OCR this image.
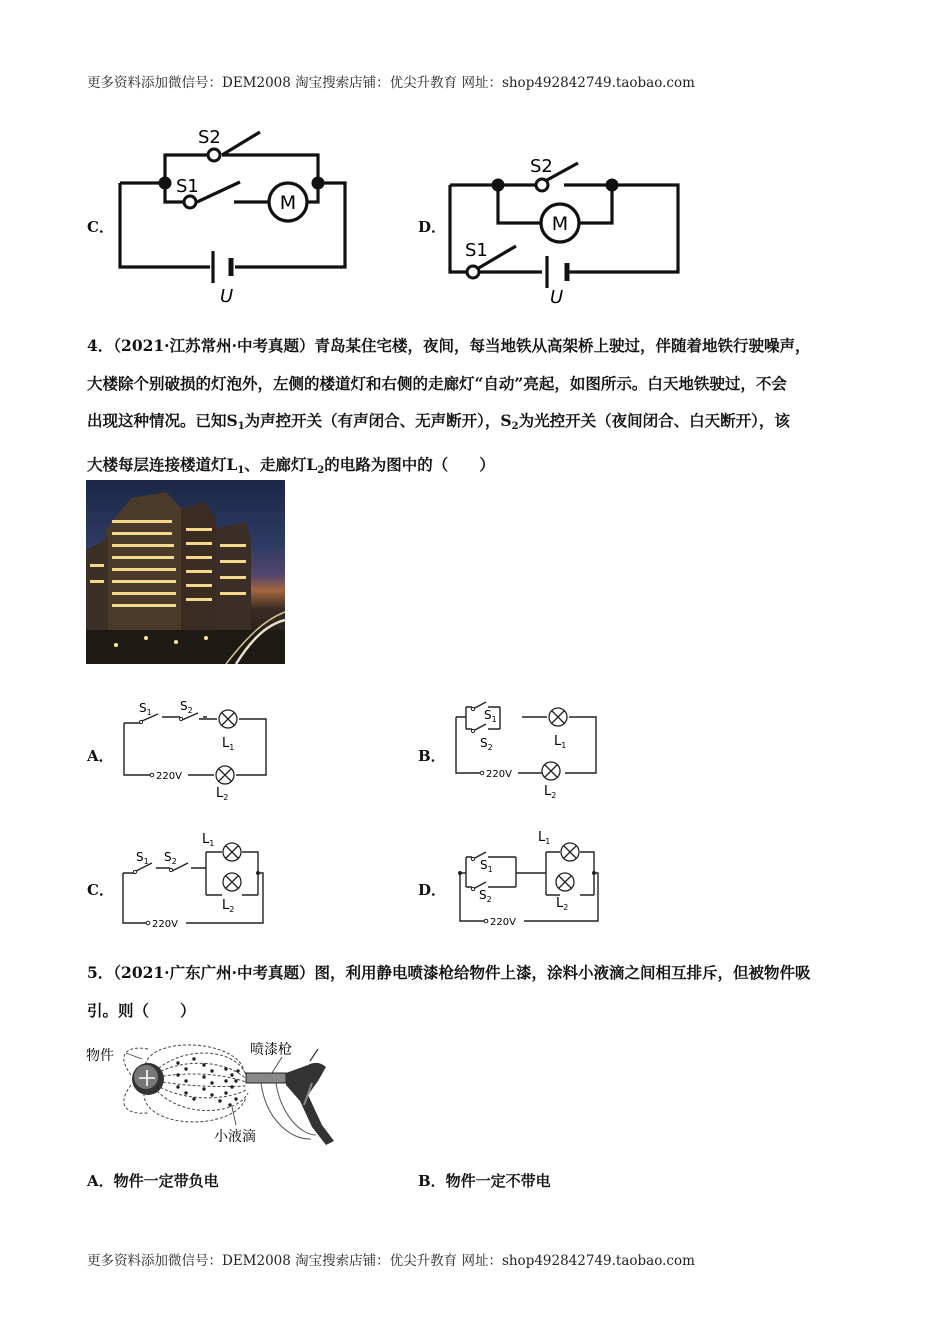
更多资料添加微信号：DEM2008 淘宝搜索店铺：优尖升教育 网址：shop492842749.taobao.com
C．
S2
S1
M
U
D．
S2
S1
M
U

4．（2021·江苏常州·中考真题）青岛某住宅楼，夜间，每当地铁从高架桥上驶过，伴随着地铁行驶噪声，

大楼除个别破损的灯泡外，左侧的楼道灯和右侧的走廊灯“自动”亮起，如图所示。白天地铁驶过，不会

出现这种情况。已知$S_1$为声控开关（有声闭合、无声断开），$S_2$为光控开关（夜间闭合、白天断开），该

大楼每层连接楼道灯$L_1$、走廊灯$L_2$的电路为图中的（　　）

A．
$S_1$ $S_2$
$L_1$
$L_2$
220V
B．
$S_1$
$S_2$	$L_1$
$L_2$
220V
C．
$S_1$ $S_2$
$L_1$
$L_2$
220V
D．
$S_1$
$S_2$
$L_1$
$L_2$
220V

5．（2021·广东广州·中考真题）图，利用静电喷漆枪给物件上漆，涂料小液滴之间相互排斥，但被物件吸

引。则（　　）

物件	喷漆枪
小液滴
A．物件一定带负电	B．物件一定不带电
更多资料添加微信号：DEM2008 淘宝搜索店铺：优尖升教育 网址：shop492842749.taobao.com
